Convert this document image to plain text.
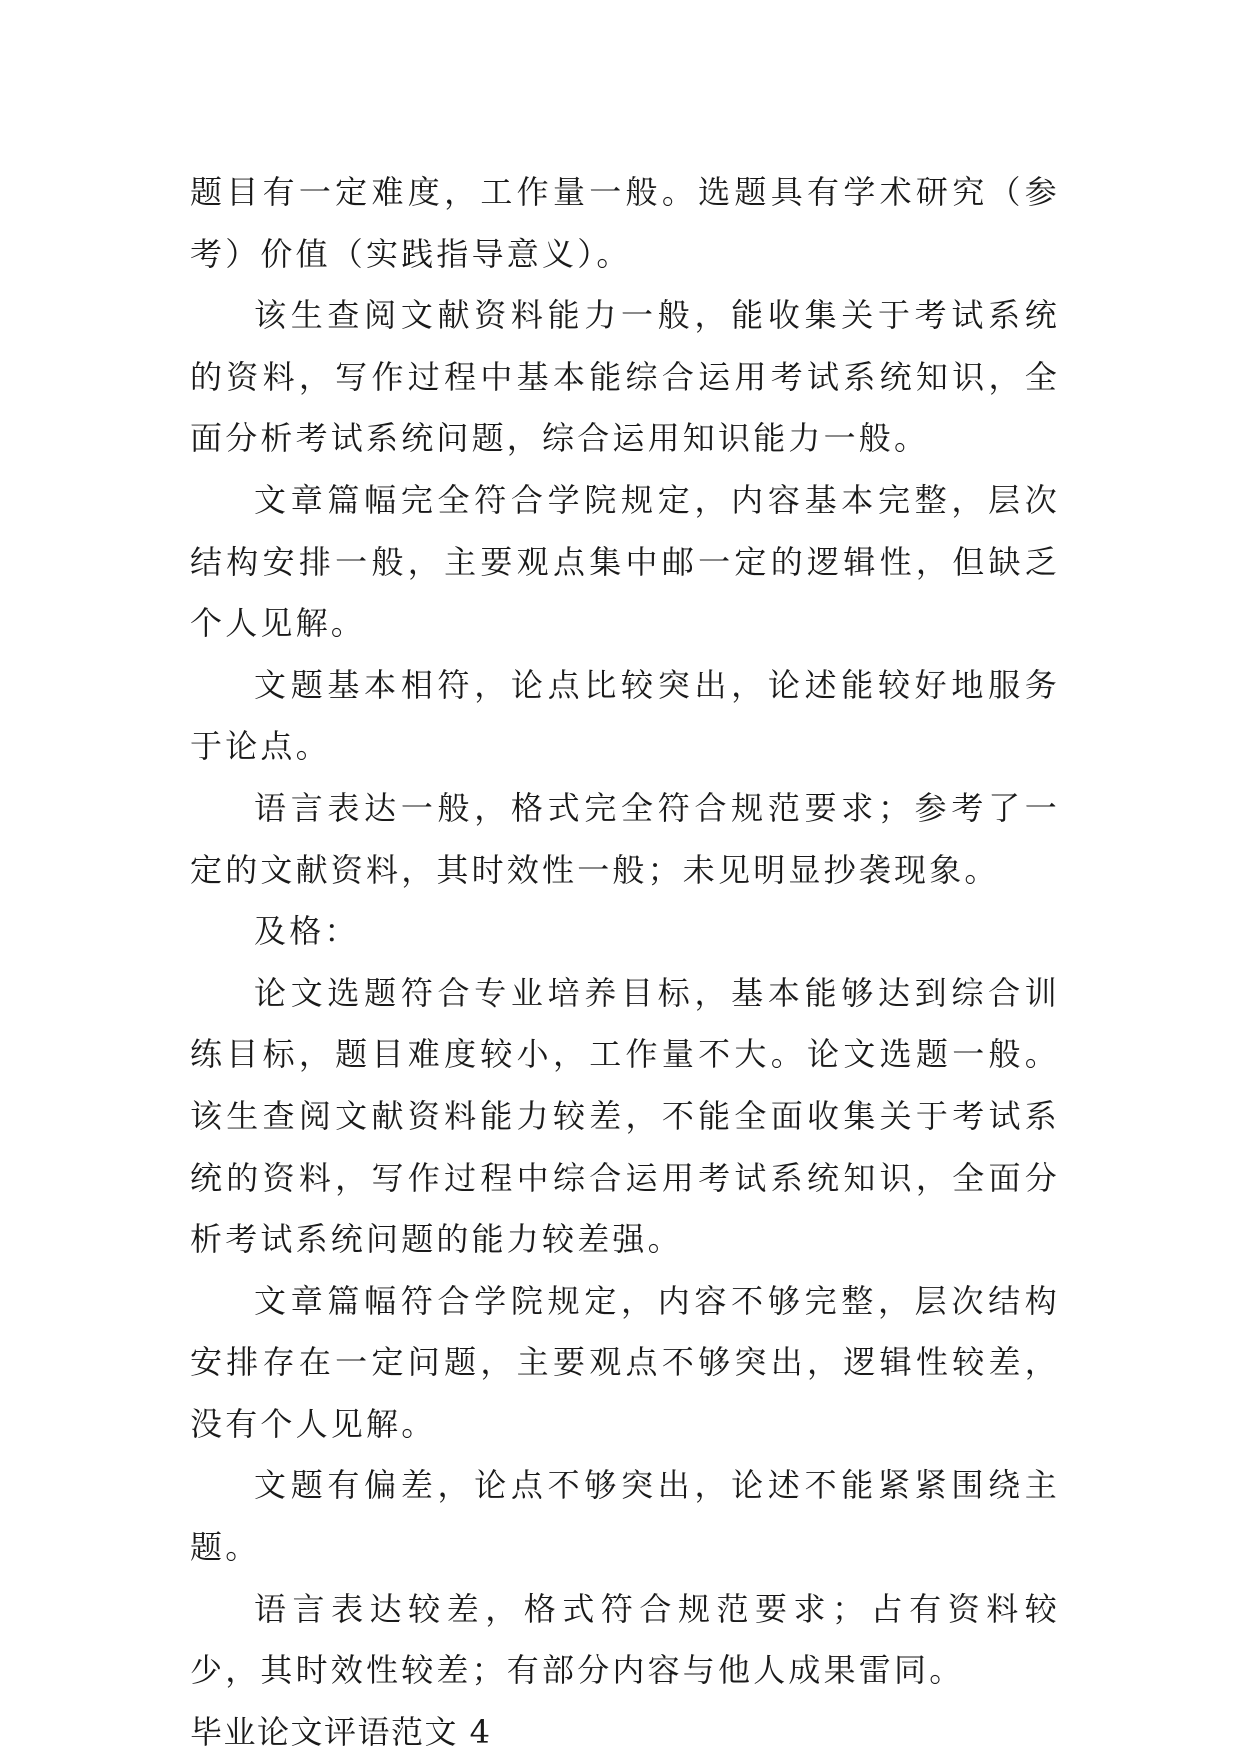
题目有一定难度，工作量一般。选题具有学术研究（参考）价值（实践指导意义）。

该生查阅文献资料能力一般，能收集关于考试系统的资料，写作过程中基本能综合运用考试系统知识，全面分析考试系统问题，综合运用知识能力一般。

文章篇幅完全符合学院规定，内容基本完整，层次结构安排一般，主要观点集中邮一定的逻辑性，但缺乏个人见解。

文题基本相符，论点比较突出，论述能较好地服务于论点。

语言表达一般，格式完全符合规范要求；参考了一定的文献资料，其时效性一般；未见明显抄袭现象。

及格：

论文选题符合专业培养目标，基本能够达到综合训练目标，题目难度较小，工作量不大。论文选题一般。该生查阅文献资料能力较差，不能全面收集关于考试系统的资料，写作过程中综合运用考试系统知识，全面分析考试系统问题的能力较差强。

文章篇幅符合学院规定，内容不够完整，层次结构安排存在一定问题，主要观点不够突出，逻辑性较差，没有个人见解。

文题有偏差，论点不够突出，论述不能紧紧围绕主题。

语言表达较差，格式符合规范要求；占有资料较少，其时效性较差；有部分内容与他人成果雷同。

毕业论文评语范文 4
